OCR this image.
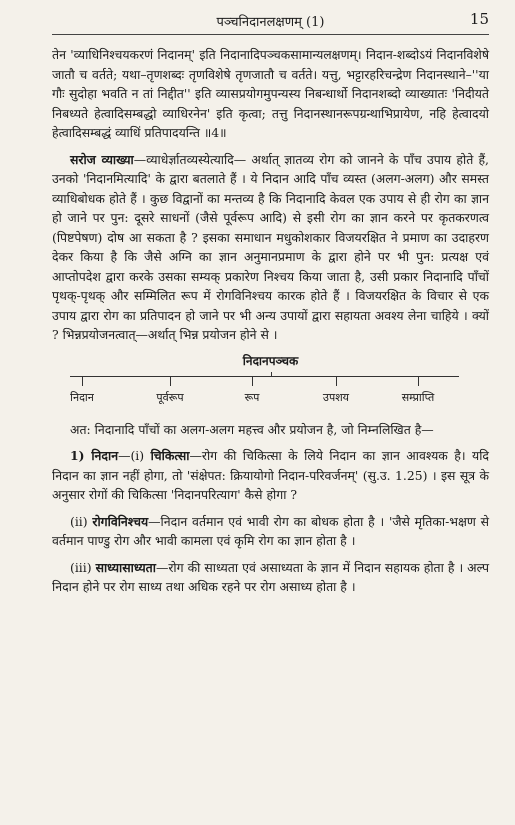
पञ्चनिदानलक्षणम् (1)	15

तेन 'व्याधिनिश्चयकरणं निदानम्' इति निदानादिपञ्चकसामान्यलक्षणम्। निदान-शब्दोऽयं निदानविशेषे जातौ च वर्तते; यथा–तृणशब्दः तृणविशेषे तृणजातौ च वर्तते। यत्तु, भट्टारहरिचन्द्रेण निदानस्थाने–''या गौः सुदोहा भवति न तां निद्दीत'' इति व्यासप्रयोगमुपन्यस्य निबन्धार्थो निदानशब्दो व्याख्यातः 'निदीयते निबध्यते हेत्वादिसम्बद्धो व्याधिरनेन' इति कृत्वा; तत्तु निदानस्थानरूपग्रन्थाभिप्रायेण, नहि हेत्वादयो हेत्वादिसम्बद्धं व्याधिं प्रतिपादयन्ति ॥4॥

सरोज व्याख्या—व्याधेर्ज्ञातव्यस्येत्यादि— अर्थात् ज्ञातव्य रोग को जानने के पाँच उपाय होते हैं, उनको 'निदानमित्यादि' के द्वारा बतलाते हैं । ये निदान आदि पाँच व्यस्त (अलग-अलग) और समस्त व्याधिबोधक होते हैं । कुछ विद्वानों का मन्तव्य है कि निदानादि केवल एक उपाय से ही रोग का ज्ञान हो जाने पर पुन: दूसरे साधनों (जैसे पूर्वरूप आदि) से इसी रोग का ज्ञान करने पर कृतकरणत्व (पिष्टपेषण) दोष आ सकता है ? इसका समाधान मधुकोशकार विजयरक्षित ने प्रमाण का उदाहरण देकर किया है कि जैसे अग्नि का ज्ञान अनुमानप्रमाण के द्वारा होने पर भी पुन: प्रत्यक्ष एवं आप्तोपदेश द्वारा करके उसका सम्यक् प्रकारेण निश्चय किया जाता है, उसी प्रकार निदानादि पाँचों पृथक्-पृथक् और सम्मिलित रूप में रोगविनिश्चय कारक होते हैं । विजयरक्षित के विचार से एक उपाय द्वारा रोग का प्रतिपादन हो जाने पर भी अन्य उपायों द्वारा सहायता अवश्य लेना चाहिये । क्यों ? भिन्नप्रयोजनत्वात्—अर्थात् भिन्न प्रयोजन होने से ।

निदानपञ्चक
निदान	पूर्वरूप	रूप	उपशय	सम्प्राप्ति

अत: निदानादि पाँचों का अलग-अलग महत्त्व और प्रयोजन है, जो निम्नलिखित है—

1) निदान—(i) चिकित्सा—रोग की चिकित्सा के लिये निदान का ज्ञान आवश्यक है। यदि निदान का ज्ञान नहीं होगा, तो 'संक्षेपत: क्रियायोगो निदान-परिवर्जनम्' (सु.उ. 1.25) । इस सूत्र के अनुसार रोगों की चिकित्सा 'निदानपरित्याग' कैसे होगा ?

(ii) रोगविनिश्चय—निदान वर्तमान एवं भावी रोग का बोधक होता है । 'जैसे मृतिका-भक्षण से वर्तमान पाण्डु रोग और भावी कामला एवं कृमि रोग का ज्ञान होता है ।

(iii) साध्यासाध्यता—रोग की साध्यता एवं असाध्यता के ज्ञान में निदान सहायक होता है । अल्प निदान होने पर रोग साध्य तथा अधिक रहने पर रोग असाध्य होता है ।
